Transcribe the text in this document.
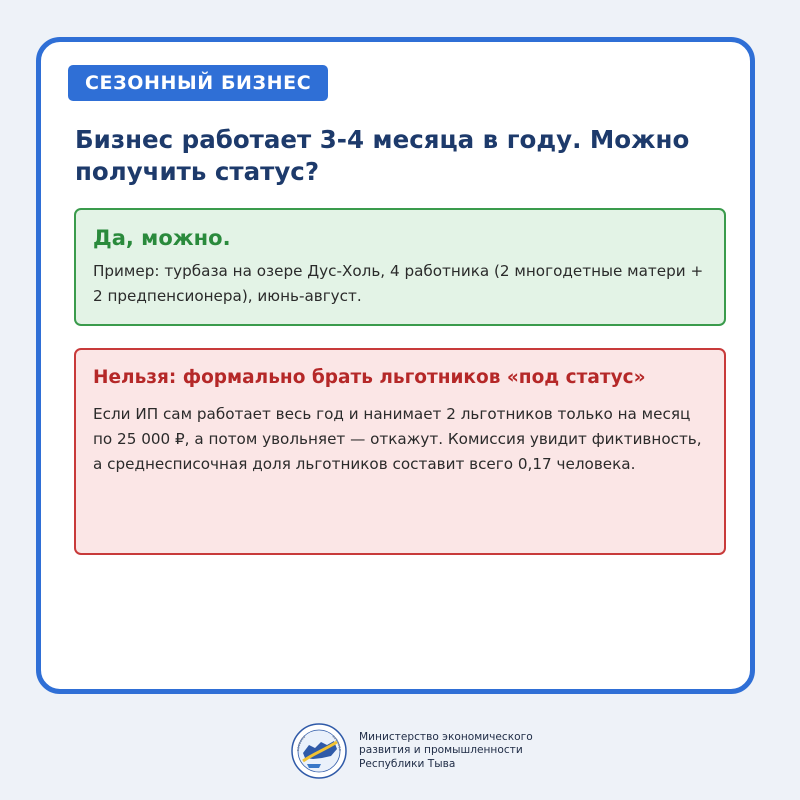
СЕЗОННЫЙ БИЗНЕС
Бизнес работает 3-4 месяца в году. Можно получить статус?
Да, можно.

Пример: турбаза на озере Дус-Холь, 4 работника (2 многодетные матери + 2 предпенсионера), июнь-август.

Нельзя: формально брать льготников «под статус»

Если ИП сам работает весь год и нанимает 2 льготников только на месяц по 25 000 ₽, а потом увольняет — откажут. Комиссия увидит фиктивность, а среднесписочная доля льготников составит всего 0,17 человека.

Министерство экономического
развития и промышленности
Республики Тыва
